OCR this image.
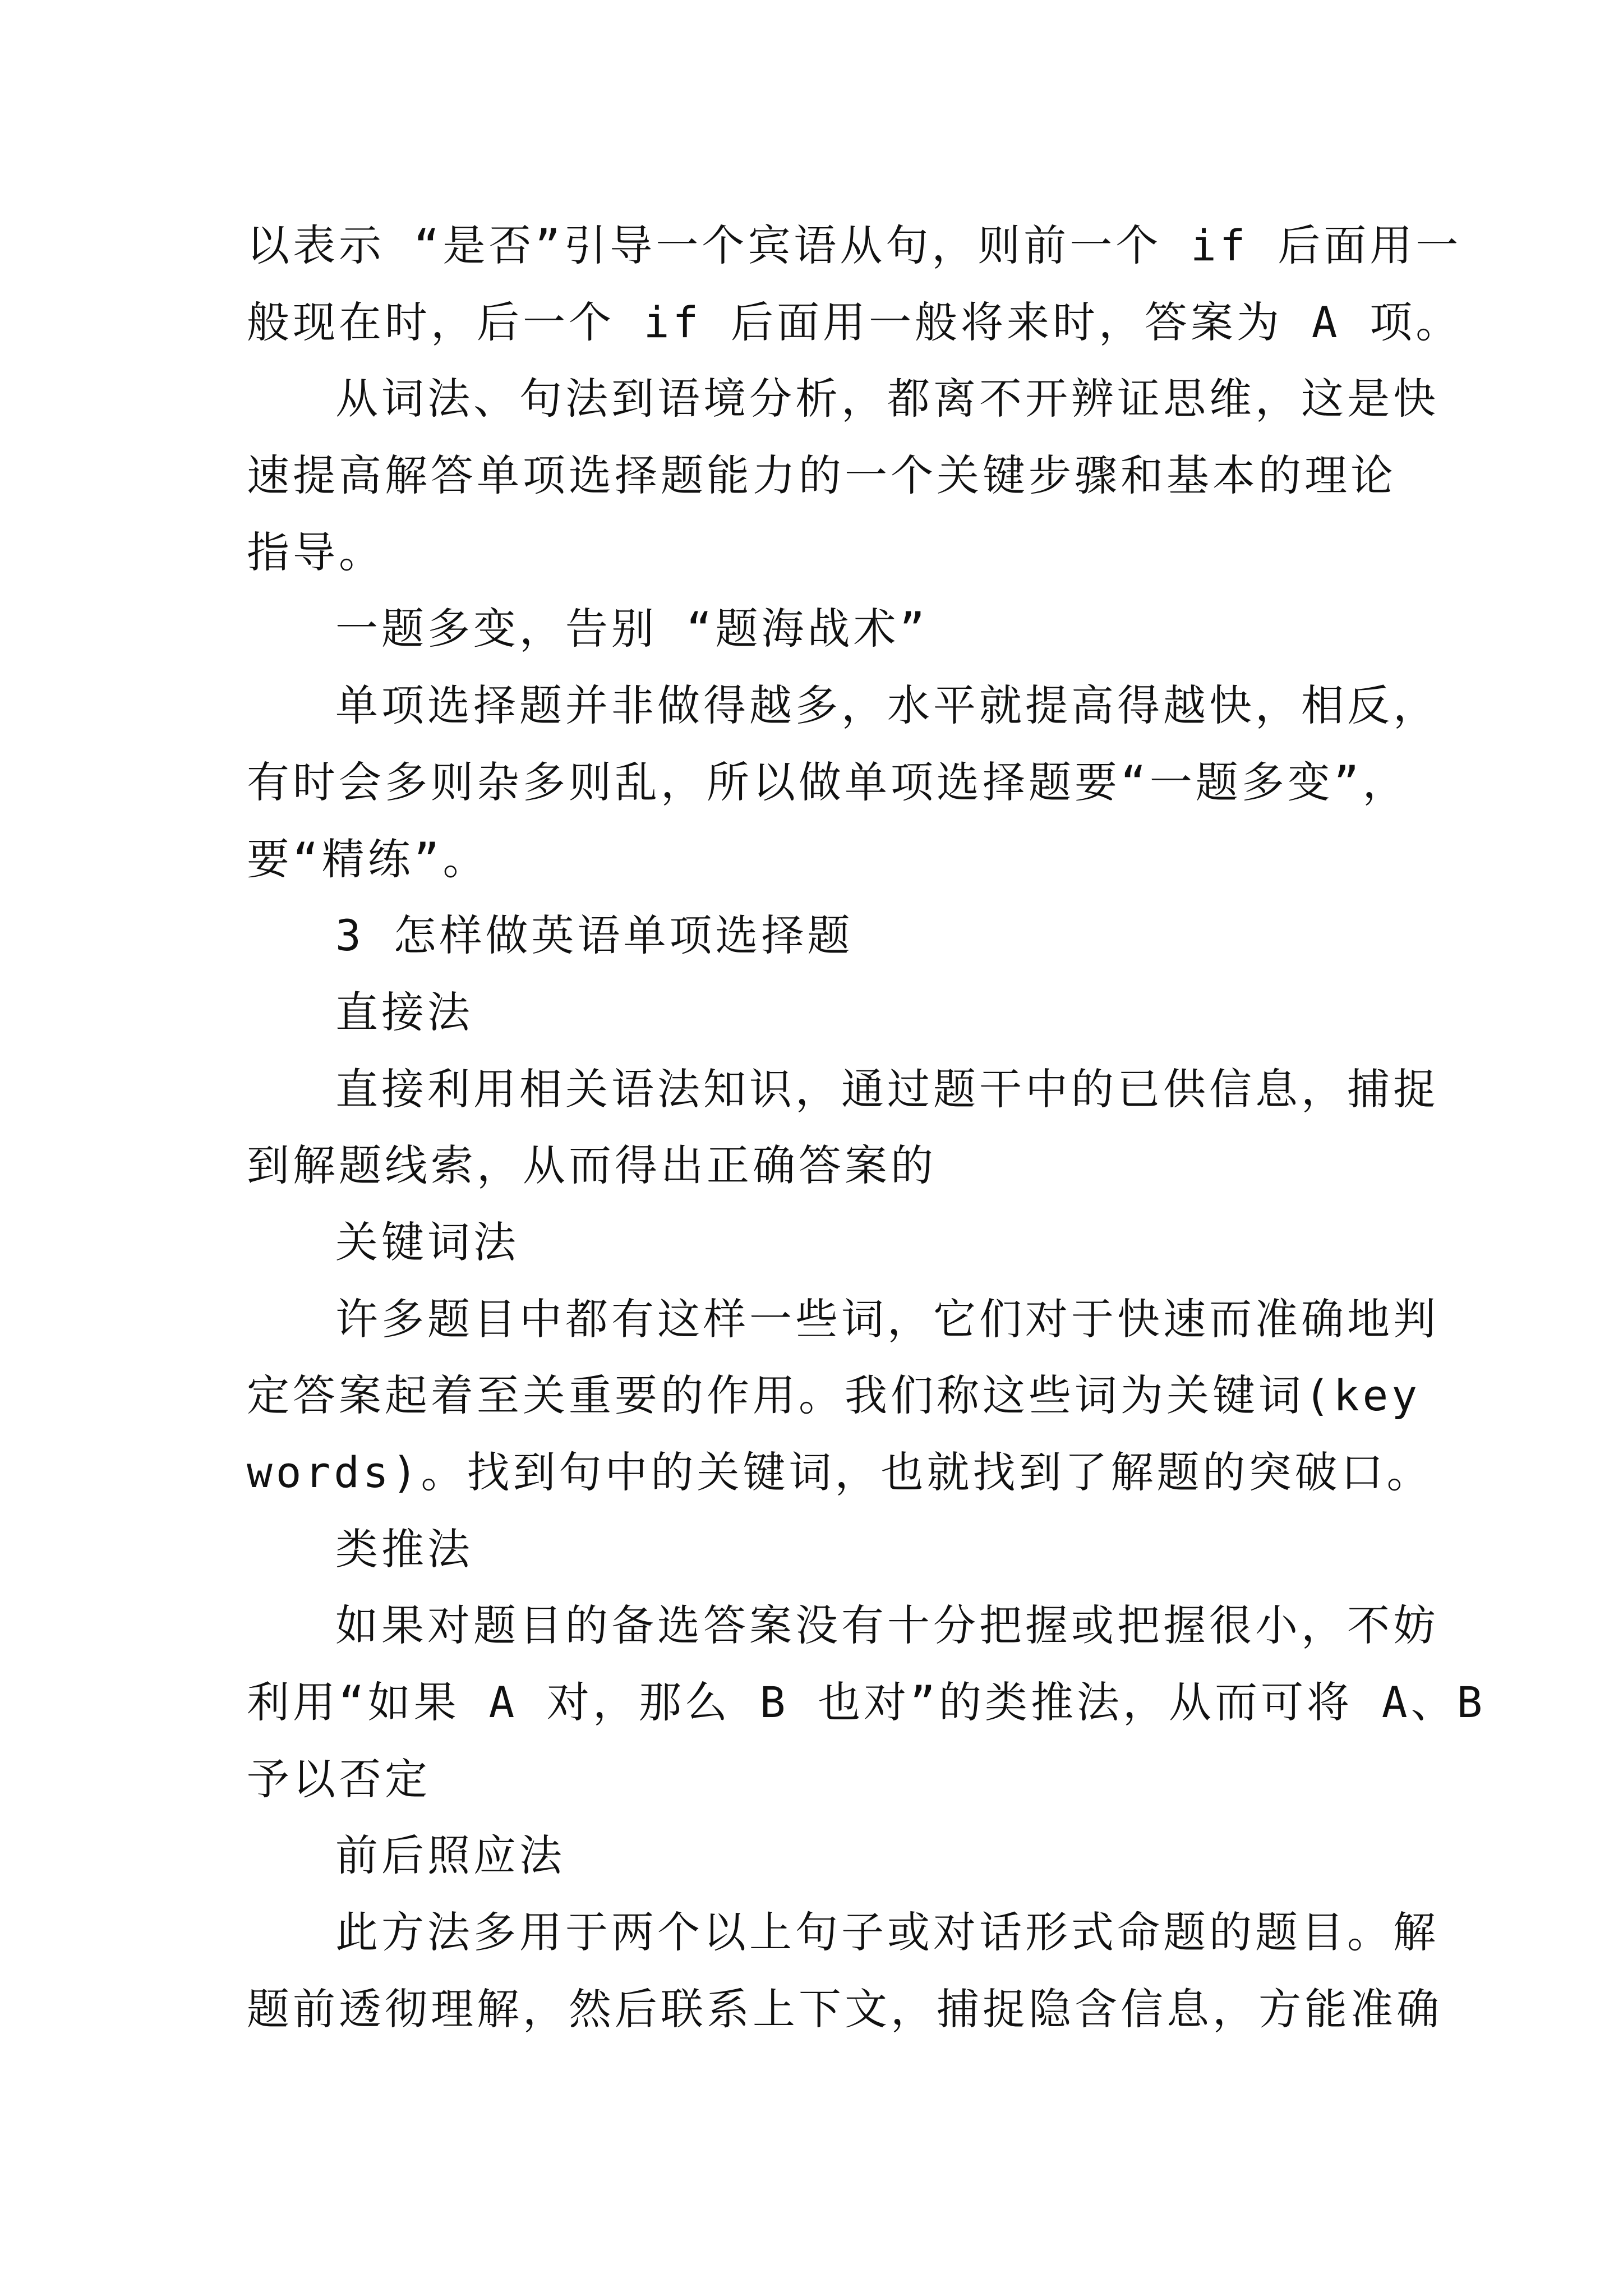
以表示 “是否”引导一个宾语从句，则前一个 if 后面用一
般现在时，后一个 if 后面用一般将来时，答案为 A 项。
从词法、句法到语境分析，都离不开辨证思维，这是快
速提高解答单项选择题能力的一个关键步骤和基本的理论
指导。
一题多变，告别 “题海战术”
单项选择题并非做得越多，水平就提高得越快，相反，
有时会多则杂多则乱，所以做单项选择题要“一题多变”，
要“精练”。
3 怎样做英语单项选择题
直接法
直接利用相关语法知识，通过题干中的已供信息，捕捉
到解题线索，从而得出正确答案的
关键词法
许多题目中都有这样一些词，它们对于快速而准确地判
定答案起着至关重要的作用。我们称这些词为关键词(key
words)。找到句中的关键词，也就找到了解题的突破口。
类推法
如果对题目的备选答案没有十分把握或把握很小，不妨
利用“如果 A 对，那么 B 也对”的类推法，从而可将 A、B
予以否定
前后照应法
此方法多用于两个以上句子或对话形式命题的题目。解
题前透彻理解，然后联系上下文，捕捉隐含信息，方能准确
